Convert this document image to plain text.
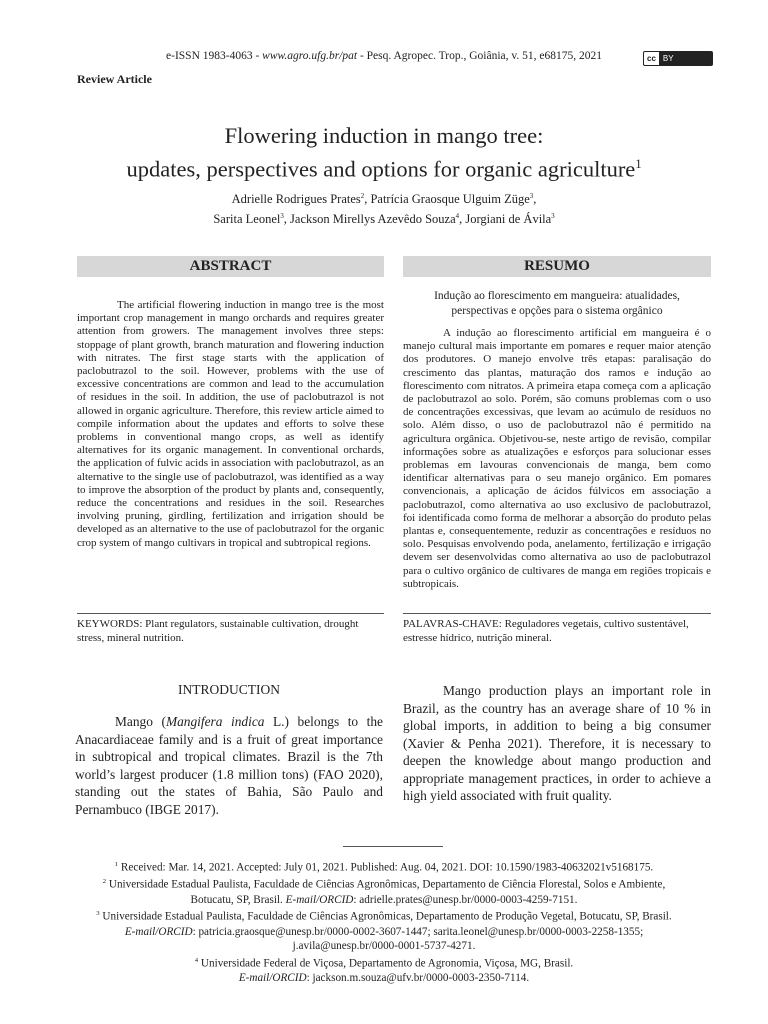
e-ISSN 1983-4063 - www.agro.ufg.br/pat - Pesq. Agropec. Trop., Goiânia, v. 51, e68175, 2021	cc BY
Review Article
Flowering induction in mango tree:
updates, perspectives and options for organic agriculture$^1$
Adrielle Rodrigues Prates$^2$, Patrícia Graosque Ulguim Züge$^3$,
Sarita Leonel$^3$, Jackson Mirellys Azevêdo Souza$^4$, Jorgiani de Ávila$^3$
ABSTRACT

The artificial flowering induction in mango tree is the most important crop management in mango orchards and requires greater attention from growers. The management involves three steps: stoppage of plant growth, branch maturation and flowering induction with nitrates. The first stage starts with the application of paclobutrazol to the soil. However, problems with the use of excessive concentrations are common and lead to the accumulation of residues in the soil. In addition, the use of paclobutrazol is not allowed in organic agriculture. Therefore, this review article aimed to compile information about the updates and efforts to solve these problems in conventional mango crops, as well as identify alternatives for its organic management. In conventional orchards, the application of fulvic acids in association with paclobutrazol, as an alternative to the single use of paclobutrazol, was identified as a way to improve the absorption of the product by plants and, consequently, reduce the concentrations and residues in the soil. Researches involving pruning, girdling, fertilization and irrigation should be developed as an alternative to the use of paclobutrazol for the organic crop system of mango cultivars in tropical and subtropical regions.

KEYWORDS: Plant regulators, sustainable cultivation, drought stress, mineral nutrition.
RESUMO
Indução ao florescimento em mangueira: atualidades,
perspectivas e opções para o sistema orgânico

A indução ao florescimento artificial em mangueira é o manejo cultural mais importante em pomares e requer maior atenção dos produtores. O manejo envolve três etapas: paralisação do crescimento das plantas, maturação dos ramos e indução ao florescimento com nitratos. A primeira etapa começa com a aplicação de paclobutrazol ao solo. Porém, são comuns problemas com o uso de concentrações excessivas, que levam ao acúmulo de resíduos no solo. Além disso, o uso de paclobutrazol não é permitido na agricultura orgânica. Objetivou-se, neste artigo de revisão, compilar informações sobre as atualizações e esforços para solucionar esses problemas em lavouras convencionais de manga, bem como identificar alternativas para o seu manejo orgânico. Em pomares convencionais, a aplicação de ácidos fúlvicos em associação a paclobutrazol, como alternativa ao uso exclusivo de paclobutrazol, foi identificada como forma de melhorar a absorção do produto pelas plantas e, consequentemente, reduzir as concentrações e resíduos no solo. Pesquisas envolvendo poda, anelamento, fertilização e irrigação devem ser desenvolvidas como alternativa ao uso de paclobutrazol para o cultivo orgânico de cultivares de manga em regiões tropicais e subtropicais.

PALAVRAS-CHAVE: Reguladores vegetais, cultivo sustentável, estresse hídrico, nutrição mineral.
INTRODUCTION

Mango (Mangifera indica L.) belongs to the Anacardiaceae family and is a fruit of great importance in subtropical and tropical climates. Brazil is the 7th world’s largest producer (1.8 million tons) (FAO 2020), standing out the states of Bahia, São Paulo and Pernambuco (IBGE 2017).

Mango production plays an important role in Brazil, as the country has an average share of 10 % in global imports, in addition to being a big consumer (Xavier & Penha 2021). Therefore, it is necessary to deepen the knowledge about mango production and appropriate management practices, in order to achieve a high yield associated with fruit quality.

$^1$ Received: Mar. 14, 2021. Accepted: July 01, 2021. Published: Aug. 04, 2021. DOI: 10.1590/1983-40632021v5168175.
$^2$ Universidade Estadual Paulista, Faculdade de Ciências Agronômicas, Departamento de Ciência Florestal, Solos e Ambiente,
Botucatu, SP, Brasil. E-mail/ORCID: adrielle.prates@unesp.br/0000-0003-4259-7151.
$^3$ Universidade Estadual Paulista, Faculdade de Ciências Agronômicas, Departamento de Produção Vegetal, Botucatu, SP, Brasil.
E-mail/ORCID: patricia.graosque@unesp.br/0000-0002-3607-1447; sarita.leonel@unesp.br/0000-0003-2258-1355;
j.avila@unesp.br/0000-0001-5737-4271.
$^4$ Universidade Federal de Viçosa, Departamento de Agronomia, Viçosa, MG, Brasil.
E-mail/ORCID: jackson.m.souza@ufv.br/0000-0003-2350-7114.
